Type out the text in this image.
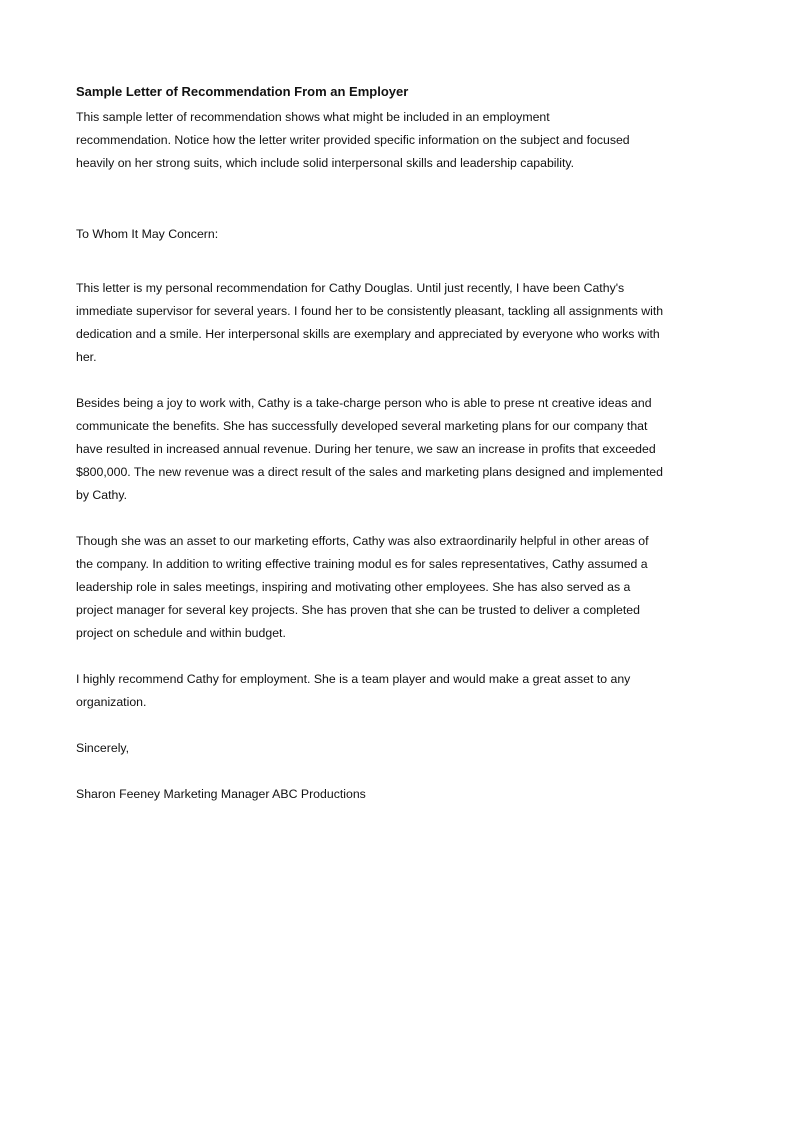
Sample Letter of Recommendation From an Employer
This sample letter of recommendation shows what might be included in an employment
recommendation. Notice how the letter writer provided specific information on the subject and focused
heavily on her strong suits, which include solid interpersonal skills and leadership capability.
To Whom It May Concern:
This letter is my personal recommendation for Cathy Douglas. Until just recently, I have been Cathy's
immediate supervisor for several years. I found her to be consistently pleasant, tackling all assignments with
dedication and a smile. Her interpersonal skills are exemplary and appreciated by everyone who works with
her.
Besides being a joy to work with, Cathy is a take-charge person who is able to prese nt creative ideas and
communicate the benefits. She has successfully developed several marketing plans for our company that
have resulted in increased annual revenue. During her tenure, we saw an increase in profits that exceeded
$800,000. The new revenue was a direct result of the sales and marketing plans designed and implemented
by Cathy.
Though she was an asset to our marketing efforts, Cathy was also extraordinarily helpful in other areas of
the company. In addition to writing effective training modul es for sales representatives, Cathy assumed a
leadership role in sales meetings, inspiring and motivating other employees. She has also served as a
project manager for several key projects. She has proven that she can be trusted to deliver a completed
project on schedule and within budget.
I highly recommend Cathy for employment. She is a team player and would make a great asset to any
organization.
Sincerely,
Sharon Feeney Marketing Manager ABC Productions
